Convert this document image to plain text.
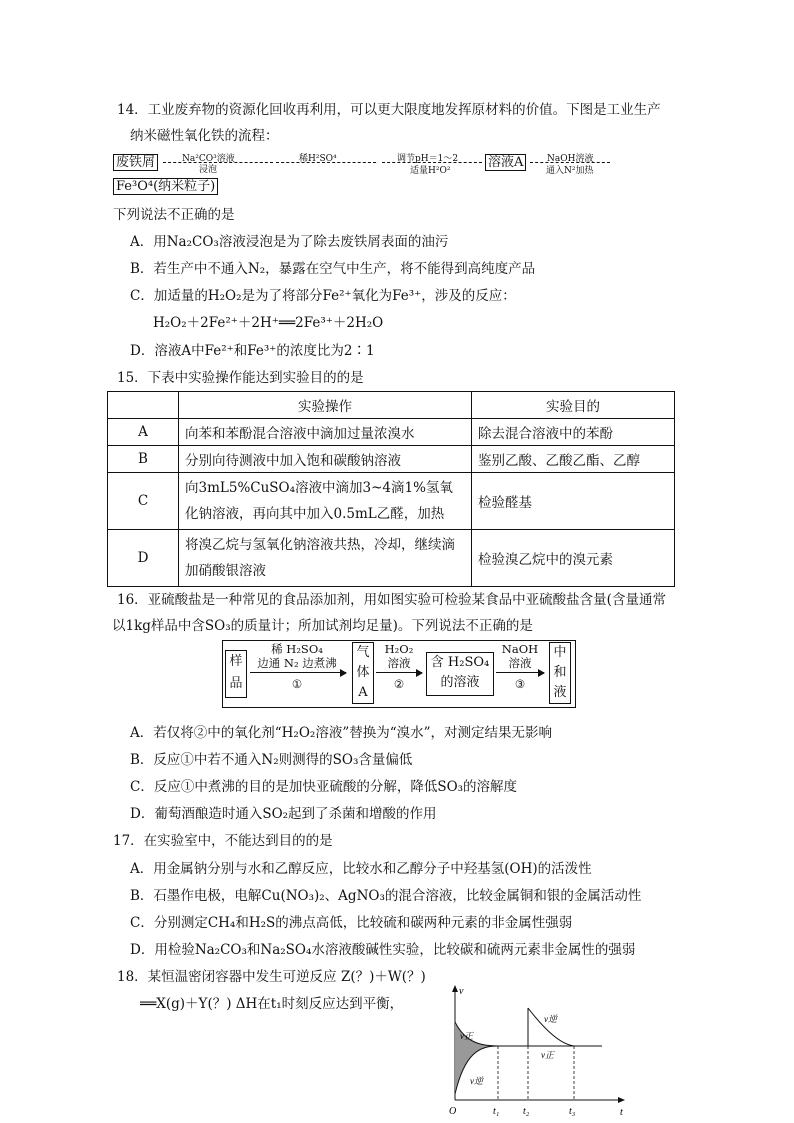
14．工业废弃物的资源化回收再利用，可以更大限度地发挥原材料的价值。下图是工业生产
纳米磁性氧化铁的流程：
废铁屑	Na²CO³溶液
浸泡
稀H²SO⁴	调节pH＝1～2
适量H²O²
溶液A	NaOH溶液
通入N²加热
Fe³O⁴(纳米粒子)
下列说法不正确的是
A．用Na₂CO₃溶液浸泡是为了除去废铁屑表面的油污
B．若生产中不通入N₂，暴露在空气中生产，将不能得到高纯度产品
C．加适量的H₂O₂是为了将部分Fe²⁺氧化为Fe³⁺，涉及的反应：
H₂O₂＋2Fe²⁺＋2H⁺══2Fe³⁺＋2H₂O
D．溶液A中Fe²⁺和Fe³⁺的浓度比为2∶1
15．下表中实验操作能达到实验目的的是
	实验操作	实验目的
A	向苯和苯酚混合溶液中滴加过量浓溴水	除去混合溶液中的苯酚
B	分别向待测液中加入饱和碳酸钠溶液	鉴别乙酸、乙酸乙酯、乙醇
C	向3mL5%CuSO₄溶液中滴加3~4滴1%氢氧化钠溶液，再向其中加入0.5mL乙醛，加热	检验醛基
D	将溴乙烷与氢氧化钠溶液共热，冷却，继续滴加硝酸银溶液	检验溴乙烷中的溴元素
16．亚硫酸盐是一种常见的食品添加剂，用如图实验可检验某食品中亚硫酸盐含量(含量通常
以1kg样品中含SO₃的质量计；所加试剂均足量)。下列说法不正确的是
样品
稀 H₂SO₄
边通 N₂ 边煮沸
①
气体A
H₂O₂
溶液
②
含 H₂SO₄
的溶液
NaOH
溶液
③
中和液
A．若仅将②中的氧化剂“H₂O₂溶液”替换为“溴水”，对测定结果无影响
B．反应①中若不通入N₂则测得的SO₃含量偏低
C．反应①中煮沸的目的是加快亚硫酸的分解，降低SO₃的溶解度
D．葡萄酒酿造时通入SO₂起到了杀菌和增酸的作用
17．在实验室中，不能达到目的的是
A．用金属钠分别与水和乙醇反应，比较水和乙醇分子中羟基氢(OH)的活泼性
B．石墨作电极，电解Cu(NO₃)₂、AgNO₃的混合溶液，比较金属铜和银的金属活动性
C．分别测定CH₄和H₂S的沸点高低，比较硫和碳两种元素的非金属性强弱
D．用检验Na₂CO₃和Na₂SO₄水溶液酸碱性实验，比较碳和硫两元素非金属性的强弱
18．某恒温密闭容器中发生可逆反应 Z(？)＋W(？)
══X(g)＋Y(？) ΔH在t₁时刻反应达到平衡，
v
t
O	t₁ t₂	t₃
v正
v逆
v逆
v正
